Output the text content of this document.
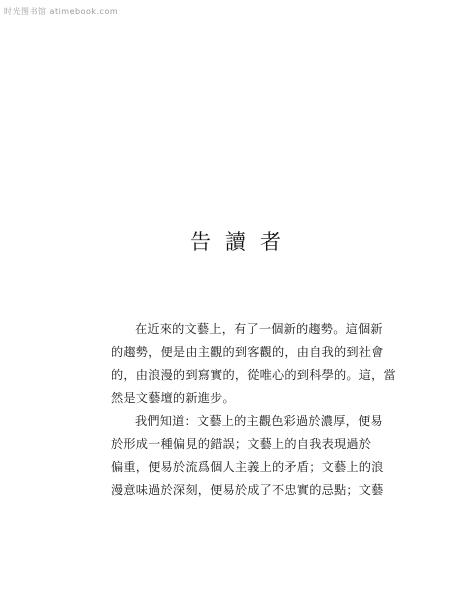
时光图书馆 atimebook.com
告讀者
在近來的文藝上，有了一個新的趨勢。這個新
的趨勢，便是由主觀的到客觀的，由自我的到社會
的，由浪漫的到寫實的，從唯心的到科學的。這，當
然是文藝壇的新進步。
我們知道：文藝上的主觀色彩過於濃厚，便易
於形成一種偏見的錯誤；文藝上的自我表現過於
偏重，便易於流爲個人主義上的矛盾；文藝上的浪
漫意味過於深刻，便易於成了不忠實的忌點；文藝
